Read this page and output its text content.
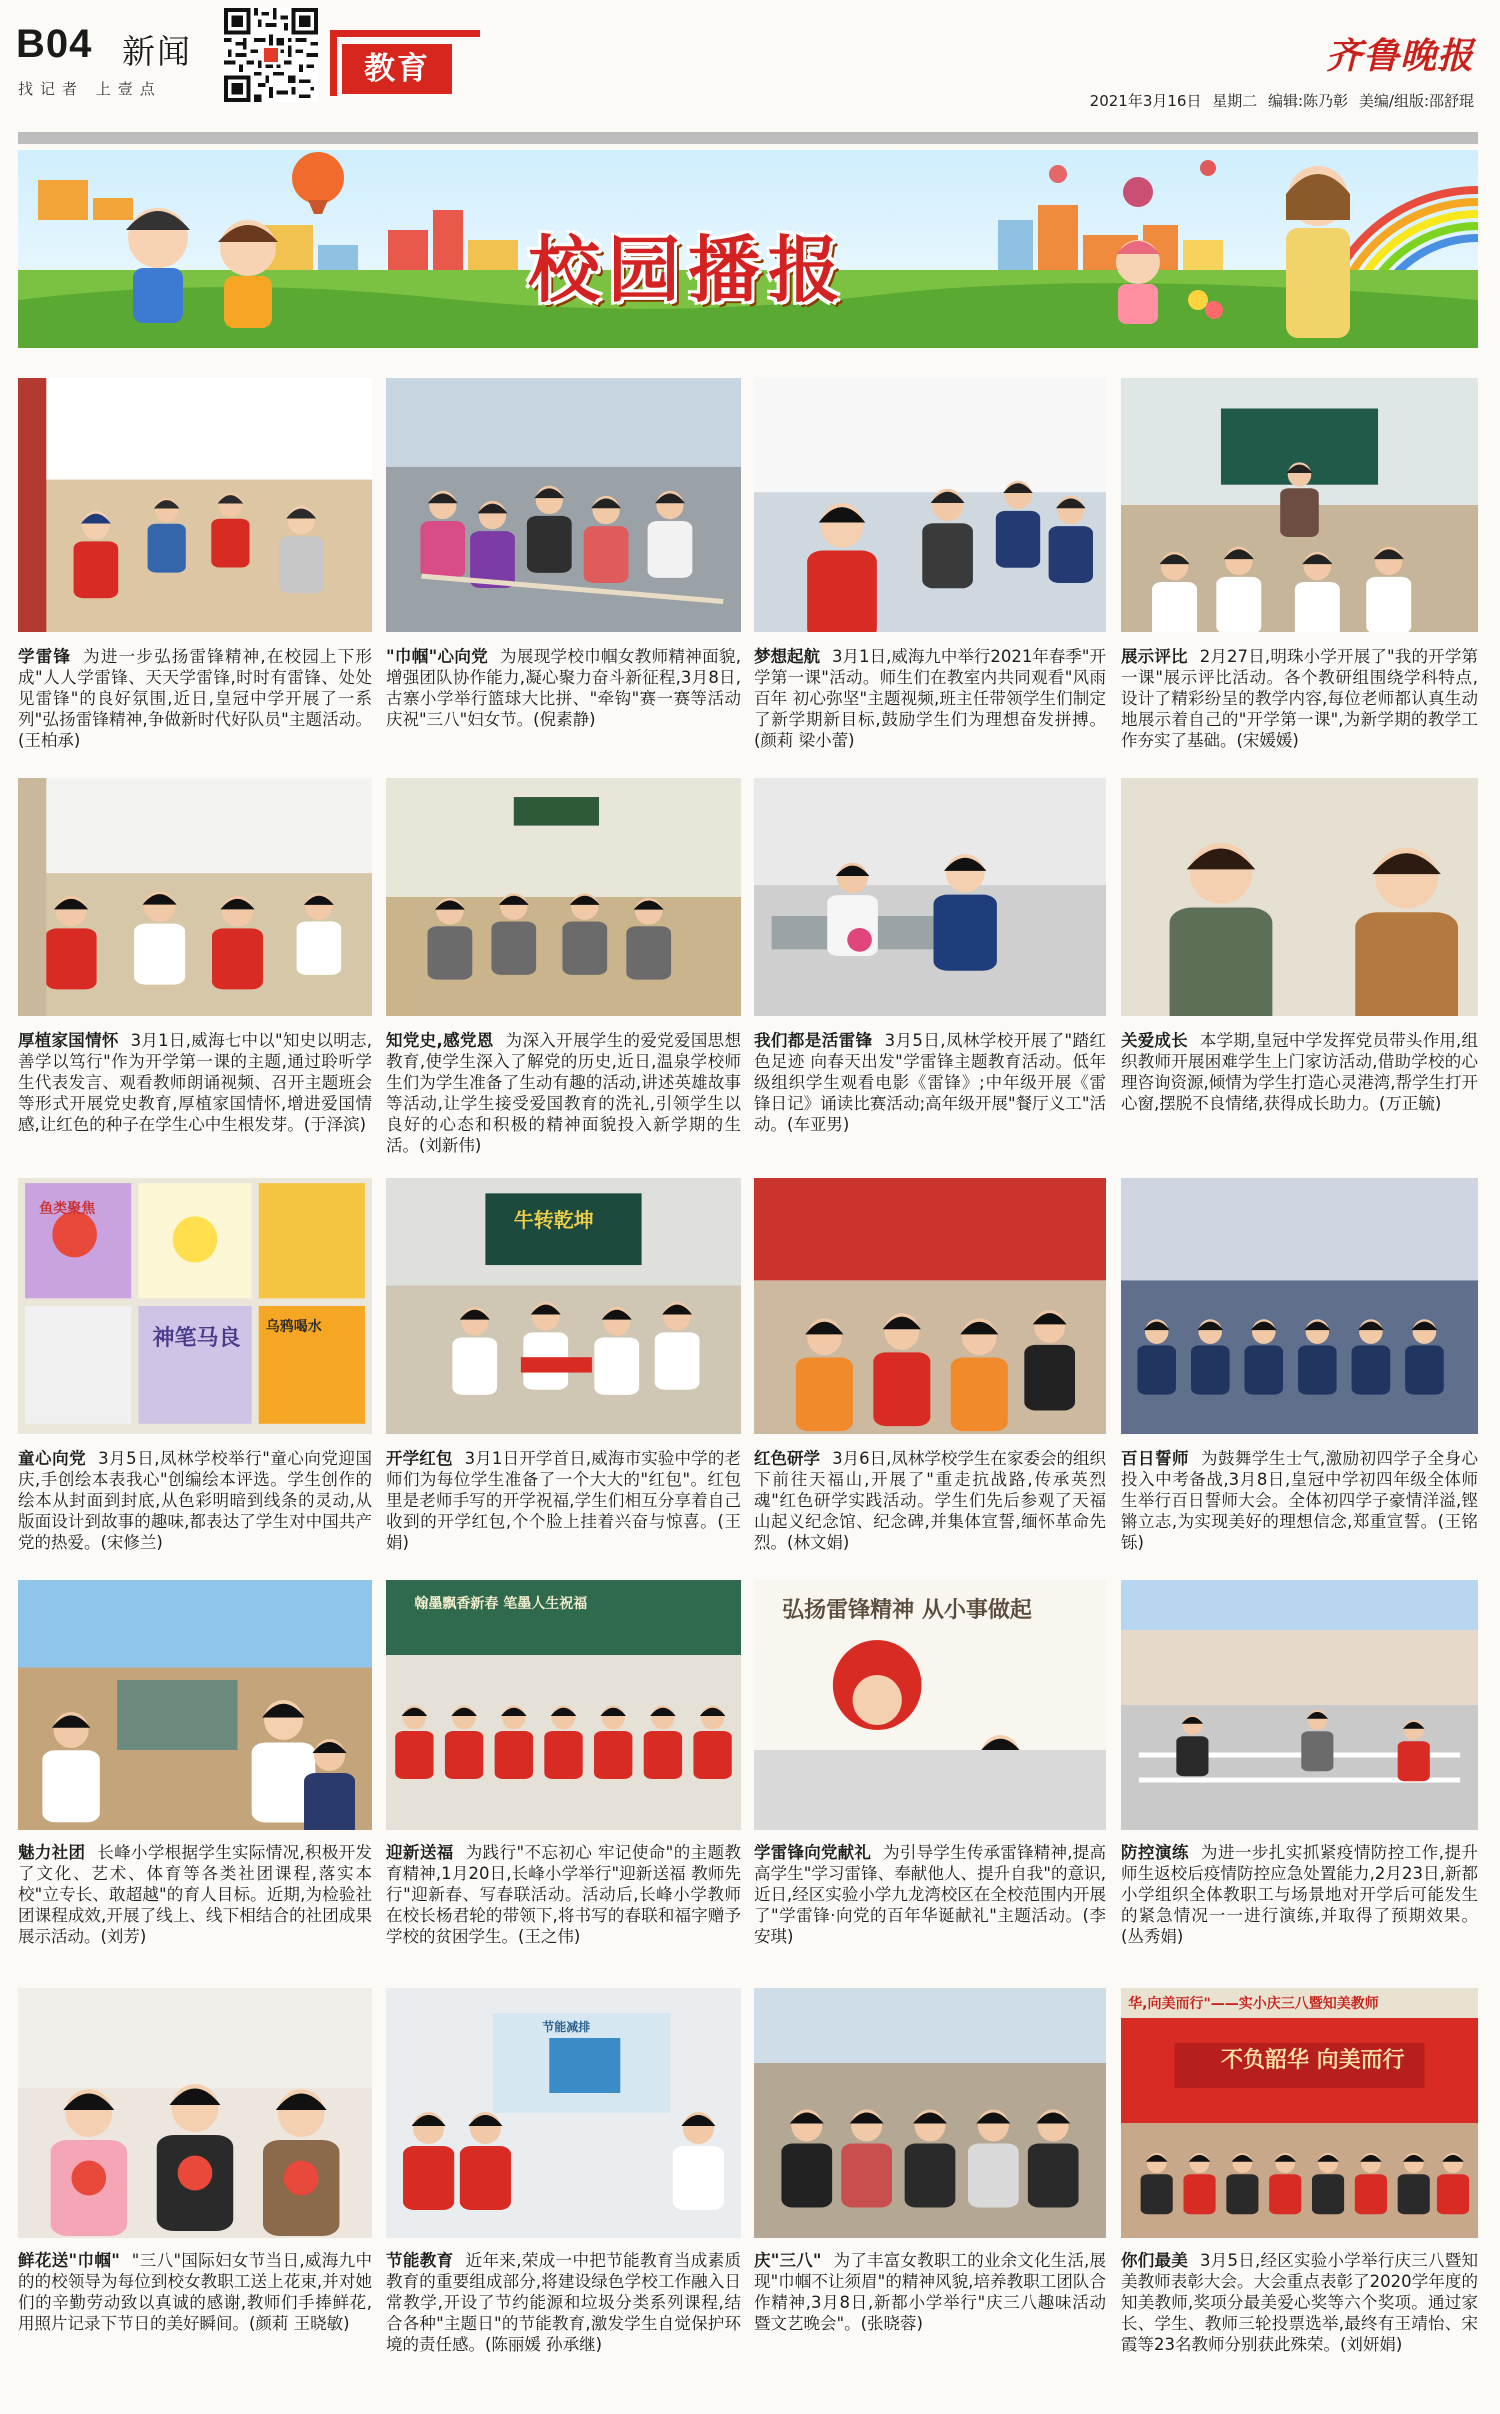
B04 新闻
找记者 上壹点
教育	齐鲁晚报
2021年3月16日 星期二 编辑:陈乃彰 美编/组版:邵舒琨
校园播报
学雷锋 为进一步弘扬雷锋精神,在校园上下形成"人人学雷锋、天天学雷锋,时时有雷锋、处处见雷锋"的良好氛围,近日,皇冠中学开展了一系列"弘扬雷锋精神,争做新时代好队员"主题活动。(王柏承)
"巾帼"心向党 为展现学校巾帼女教师精神面貌,增强团队协作能力,凝心聚力奋斗新征程,3月8日,古寨小学举行篮球大比拼、"牵钩"赛一赛等活动庆祝"三八"妇女节。(倪素静)
梦想起航 3月1日,威海九中举行2021年春季"开学第一课"活动。师生们在教室内共同观看"风雨百年 初心弥坚"主题视频,班主任带领学生们制定了新学期新目标,鼓励学生们为理想奋发拼搏。(颜莉 梁小蕾)
展示评比 2月27日,明珠小学开展了"我的开学第一课"展示评比活动。各个教研组围绕学科特点,设计了精彩纷呈的教学内容,每位老师都认真生动地展示着自己的"开学第一课",为新学期的教学工作夯实了基础。(宋媛媛)
厚植家国情怀 3月1日,威海七中以"知史以明志,善学以笃行"作为开学第一课的主题,通过聆听学生代表发言、观看教师朗诵视频、召开主题班会等形式开展党史教育,厚植家国情怀,增进爱国情感,让红色的种子在学生心中生根发芽。(于泽滨)
知党史,感党恩 为深入开展学生的爱党爱国思想教育,使学生深入了解党的历史,近日,温泉学校师生们为学生准备了生动有趣的活动,讲述英雄故事等活动,让学生接受爱国教育的洗礼,引领学生以良好的心态和积极的精神面貌投入新学期的生活。(刘新伟)
我们都是活雷锋 3月5日,凤林学校开展了"踏红色足迹 向春天出发"学雷锋主题教育活动。低年级组织学生观看电影《雷锋》;中年级开展《雷锋日记》诵读比赛活动;高年级开展"餐厅义工"活动。(车亚男)
关爱成长 本学期,皇冠中学发挥党员带头作用,组织教师开展困难学生上门家访活动,借助学校的心理咨询资源,倾情为学生打造心灵港湾,帮学生打开心窗,摆脱不良情绪,获得成长助力。(万正毓)
鱼类聚焦
神笔马良 乌鸦喝水
童心向党 3月5日,凤林学校举行"童心向党迎国庆,手创绘本表我心"创编绘本评选。学生创作的绘本从封面到封底,从色彩明暗到线条的灵动,从版面设计到故事的趣味,都表达了学生对中国共产党的热爱。(宋修兰)
牛转乾坤
开学红包 3月1日开学首日,威海市实验中学的老师们为每位学生准备了一个大大的"红包"。红包里是老师手写的开学祝福,学生们相互分享着自己收到的开学红包,个个脸上挂着兴奋与惊喜。(王娟)
红色研学 3月6日,凤林学校学生在家委会的组织下前往天福山,开展了"重走抗战路,传承英烈魂"红色研学实践活动。学生们先后参观了天福山起义纪念馆、纪念碑,并集体宣誓,缅怀革命先烈。(林文娟)
百日誓师 为鼓舞学生士气,激励初四学子全身心投入中考备战,3月8日,皇冠中学初四年级全体师生举行百日誓师大会。全体初四学子豪情洋溢,铿锵立志,为实现美好的理想信念,郑重宣誓。(王铭铄)
魅力社团 长峰小学根据学生实际情况,积极开发了文化、艺术、体育等各类社团课程,落实本校"立专长、敢超越"的育人目标。近期,为检验社团课程成效,开展了线上、线下相结合的社团成果展示活动。(刘芳)
翰墨飘香新春 笔墨人生祝福
迎新送福 为践行"不忘初心 牢记使命"的主题教育精神,1月20日,长峰小学举行"迎新送福 教师先行"迎新春、写春联活动。活动后,长峰小学教师在校长杨君轮的带领下,将书写的春联和福字赠予学校的贫困学生。(王之伟)
弘扬雷锋精神 从小事做起
学雷锋向党献礼 为引导学生传承雷锋精神,提高高学生"学习雷锋、奉献他人、提升自我"的意识,近日,经区实验小学九龙湾校区在全校范围内开展了"学雷锋·向党的百年华诞献礼"主题活动。(李安琪)
防控演练 为进一步扎实抓紧疫情防控工作,提升师生返校后疫情防控应急处置能力,2月23日,新都小学组织全体教职工与场景地对开学后可能发生的紧急情况一一进行演练,并取得了预期效果。(丛秀娟)
鲜花送"巾帼" "三八"国际妇女节当日,威海九中的的校领导为每位到校女教职工送上花束,并对她们的辛勤劳动致以真诚的感谢,教师们手捧鲜花,用照片记录下节日的美好瞬间。(颜莉 王晓敏)
节能减排
节能教育 近年来,荣成一中把节能教育当成素质教育的重要组成部分,将建设绿色学校工作融入日常教学,开设了节约能源和垃圾分类系列课程,结合各种"主题日"的节能教育,激发学生自觉保护环境的责任感。(陈丽媛 孙承继)
庆"三八" 为了丰富女教职工的业余文化生活,展现"巾帼不让须眉"的精神风貌,培养教职工团队合作精神,3月8日,新都小学举行"庆三八趣味活动暨文艺晚会"。(张晓蓉)
华,向美而行"——实小庆三八暨知美教师
不负韶华 向美而行
你们最美 3月5日,经区实验小学举行庆三八暨知美教师表彰大会。大会重点表彰了2020学年度的知美教师,奖项分最美爱心奖等六个奖项。通过家长、学生、教师三轮投票选举,最终有王靖怡、宋霞等23名教师分别获此殊荣。(刘妍娟)
